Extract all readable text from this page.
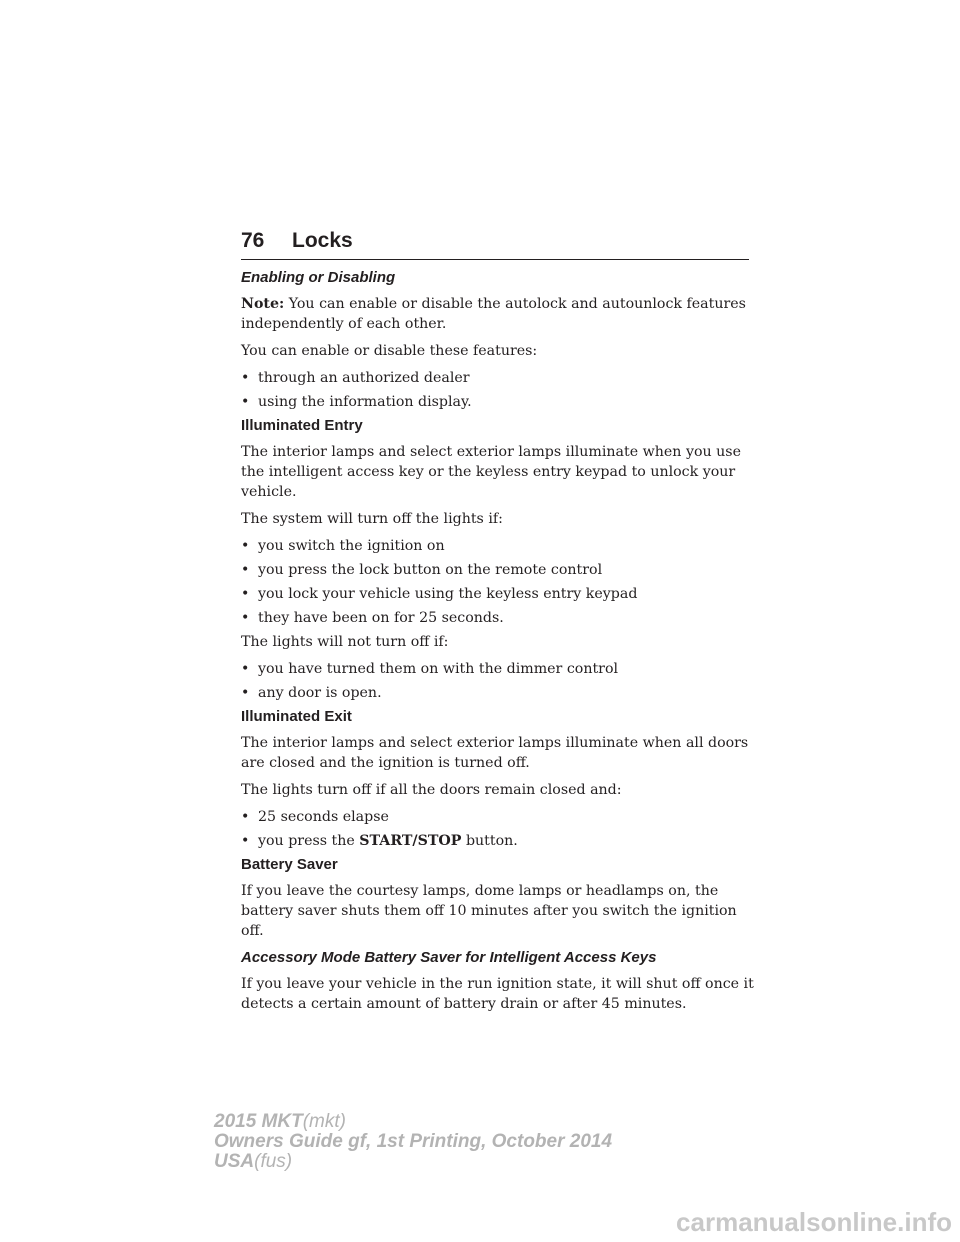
76 Locks
Enabling or Disabling

Note: You can enable or disable the autolock and autounlock features independently of each other.

You can enable or disable these features:

• through an authorized dealer
• using the information display.
Illuminated Entry

The interior lamps and select exterior lamps illuminate when you use the intelligent access key or the keyless entry keypad to unlock your vehicle.

The system will turn off the lights if:

• you switch the ignition on
• you press the lock button on the remote control
• you lock your vehicle using the keyless entry keypad
• they have been on for 25 seconds.

The lights will not turn off if:

• you have turned them on with the dimmer control
• any door is open.
Illuminated Exit

The interior lamps and select exterior lamps illuminate when all doors are closed and the ignition is turned off.

The lights turn off if all the doors remain closed and:

• 25 seconds elapse
• you press the START/STOP button.
Battery Saver

If you leave the courtesy lamps, dome lamps or headlamps on, the battery saver shuts them off 10 minutes after you switch the ignition off.

Accessory Mode Battery Saver for Intelligent Access Keys

If you leave your vehicle in the run ignition state, it will shut off once it detects a certain amount of battery drain or after 45 minutes.

2015 MKT(mkt)
Owners Guide gf, 1st Printing, October 2014
USA(fus)
carmanualsonline.info
